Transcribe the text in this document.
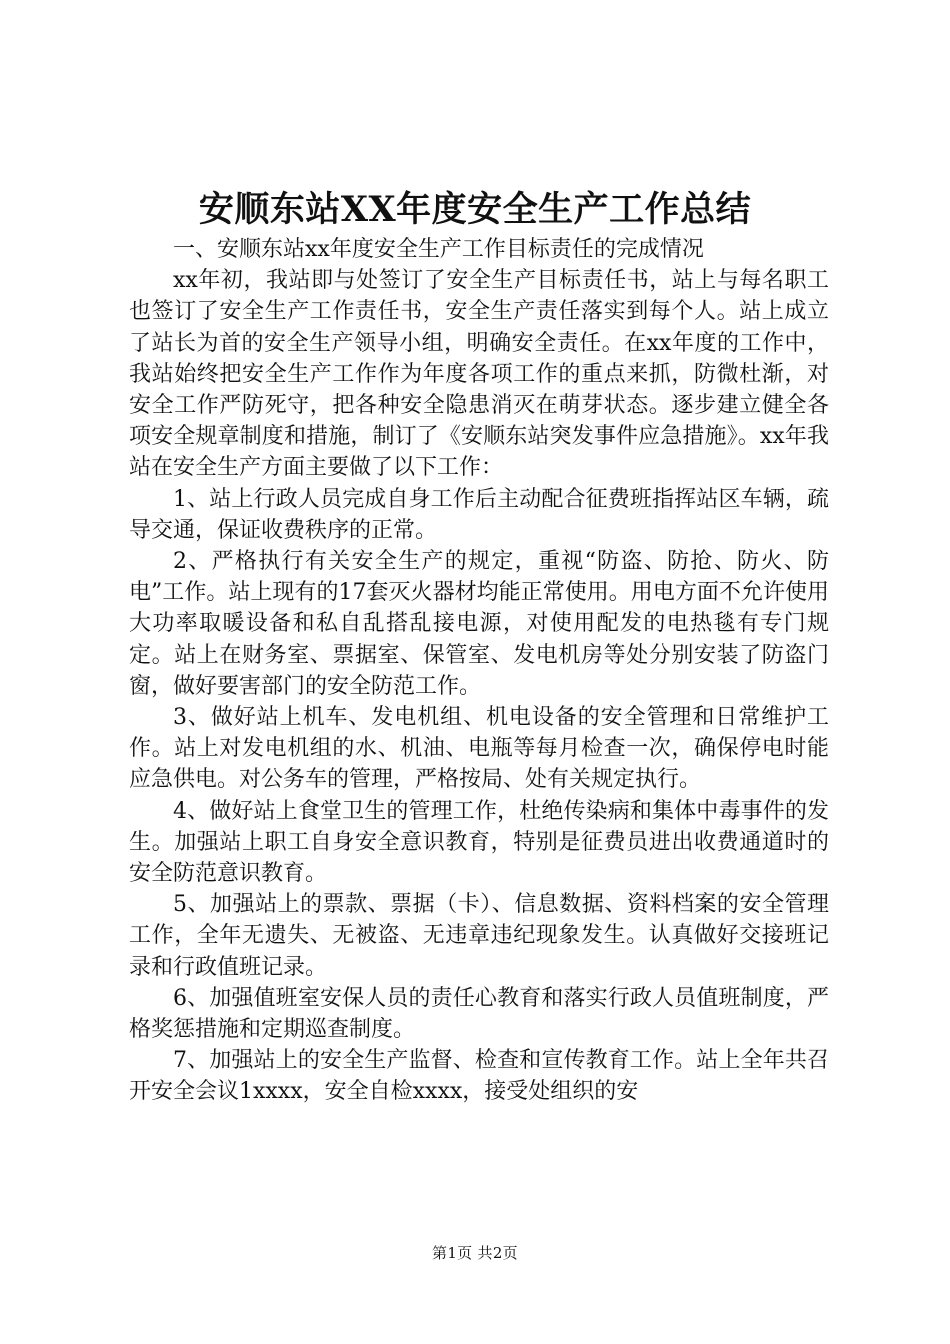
安顺东站XX年度安全生产工作总结

一、安顺东站xx年度安全生产工作目标责任的完成情况

xx年初，我站即与处签订了安全生产目标责任书，站上与每名职工也签订了安全生产工作责任书，安全生产责任落实到每个人。站上成立了站长为首的安全生产领导小组，明确安全责任。在xx年度的工作中，我站始终把安全生产工作作为年度各项工作的重点来抓，防微杜渐，对安全工作严防死守，把各种安全隐患消灭在萌芽状态。逐步建立健全各项安全规章制度和措施，制订了《安顺东站突发事件应急措施》。xx年我站在安全生产方面主要做了以下工作：

1、站上行政人员完成自身工作后主动配合征费班指挥站区车辆，疏导交通，保证收费秩序的正常。

2、严格执行有关安全生产的规定，重视“防盗、防抢、防火、防电”工作。站上现有的17套灭火器材均能正常使用。用电方面不允许使用大功率取暖设备和私自乱搭乱接电源，对使用配发的电热毯有专门规定。站上在财务室、票据室、保管室、发电机房等处分别安装了防盗门窗，做好要害部门的安全防范工作。

3、做好站上机车、发电机组、机电设备的安全管理和日常维护工作。站上对发电机组的水、机油、电瓶等每月检查一次，确保停电时能应急供电。对公务车的管理，严格按局、处有关规定执行。

4、做好站上食堂卫生的管理工作，杜绝传染病和集体中毒事件的发生。加强站上职工自身安全意识教育，特别是征费员进出收费通道时的安全防范意识教育。

5、加强站上的票款、票据（卡）、信息数据、资料档案的安全管理工作，全年无遗失、无被盗、无违章违纪现象发生。认真做好交接班记录和行政值班记录。

6、加强值班室安保人员的责任心教育和落实行政人员值班制度，严格奖惩措施和定期巡查制度。

7、加强站上的安全生产监督、检查和宣传教育工作。站上全年共召开安全会议1xxxx，安全自检xxxx，接受处组织的安

第1页 共2页
